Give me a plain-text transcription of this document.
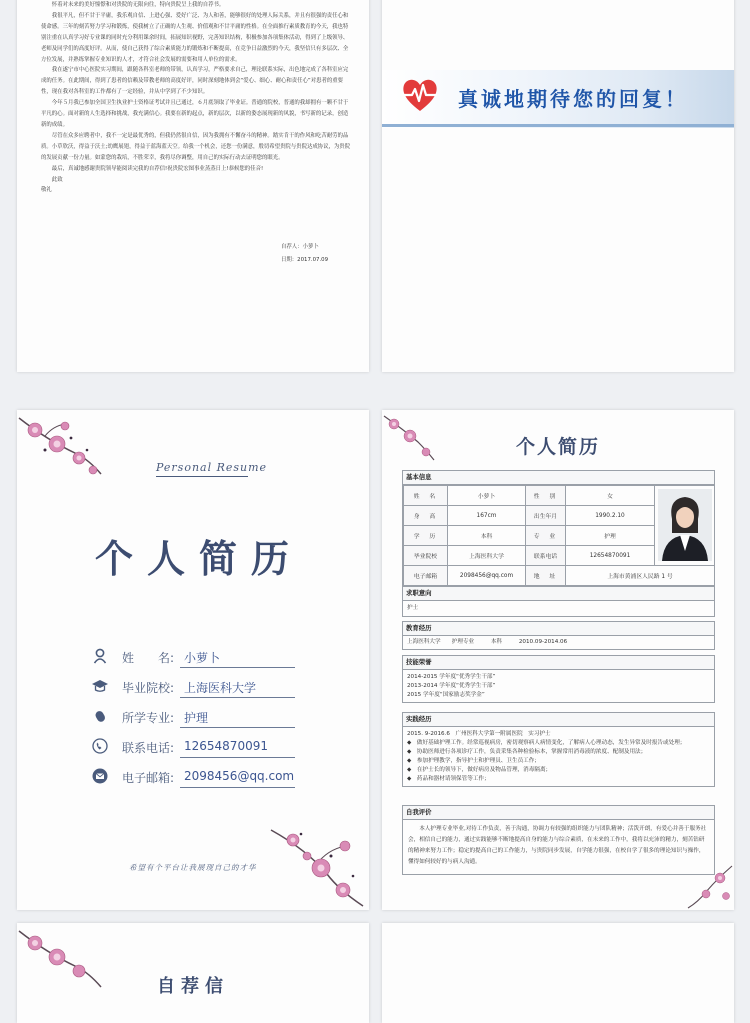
怀着对未来的美好憧憬和对贵院的无限向往，特向贵院呈上我的自荐书。

我很平凡，但不甘于平庸，我乐观自信、上进心强、爱好广泛、为人和善，能够很好的处理人际关系，并且有很强的责任心和使命感。三年的刻苦努力学习和锻炼，使我树立了正确的人生观、价值观和不甘平庸的性格。在全面推行素质教育的今天，我也特别注重在认真学习好专业课的同时充分利用课余时间，拓展知识视野，完善知识结构，积极参加各项集体活动，得到了上级领导、老师及同学们的高度好评。从而，使自己获得了综合素质能力的锻炼和不断提高，在竞争日益激烈的今天，我坚信只有多层次、全方位发展，并熟练掌握专业知识的人才，才符合社会发展的需要和用人单位的需求。

我在遂宁市中心医院实习期间，跟随各科室老师的带领，认真学习，严格要求自己，理论联系实际，出色地完成了各科室应完成的任务。在此期间，得到了患者的信赖及带教老师的高度好评，同时深刻地体到会“爱心、细心、耐心和责任心”对患者的重要性，现在我对各科室的工作都有了一定经验，并从中学到了不少知识。

今年５月我已参加全国卫生执业护士资格证考试并且已通过，６月底领取了毕业证。普通的院校，普通的我却拥有一颗不甘于平凡的心。面对新的人生选择和挑战，我充满信心。我要在新的起点，新的层次，以新的姿态展现新的风貌，书写新的记录，创造新的成绩。

尽管在众多应聘者中，我不一定是最优秀的，但我仍然很自信，因为我拥有不懈奋斗的精神。踏实肯干的作风和吃苦耐劳的品质。小草欣沃，得益于沃土;幼鹰展翅，得益于蓝海蓝天空。给我一个机会，还您一份满意，殷切希望贵院与贵院达成协议，为贵院的发展贡献一份力量。如蒙您的栽培，不胜荣幸，我将尽你调整，用自己的实际行动去证明您的眼光。

最后，真诚地感谢贵院领导能阅读完我的自荐信!祝贵院宏图事业蒸蒸日上!恭候您的佳音!

此致

敬礼

自荐人：小萝卜
日期：2017.07.09
真诚地期待您的回复！
Personal Resume
个人简历
姓　　名: 小萝卜
毕业院校: 上海医科大学
所学专业: 护理
联系电话: 12654870091
电子邮箱: 2098456@qq.com
希望有个平台让我展现自己的才华
个人简历
基本信息
姓　名	小萝卜	性　别	女	
身　高	167cm	出生年月	1990.2.10	
学　历	本科	专　业	护理	
毕业院校	上海医科大学	联系电话	12654870091	
电子邮箱	2098456@qq.com	地　址	上海市黄浦区人民路 1 号	
求职意向
护士
教育经历
上海医科大学　　护理专业　　　本科　　　2010.09-2014.06
技能荣誉
2014-2015 学年度“优秀学生干部”
2013-2014 学年度“优秀学生干部”
2015 学年度“国家励志奖学金”
实践经历
2015. 9-2016.6　广州医科大学第一附属医院　实习护士
◆　做好基础护理工作。经常巡视病房，密切观察病人病情变化，了解病人心理动态，发生异常及时报告或处理；
◆　协助医师进行各项诊疗工作，负责采集各种检验标本，掌握常用消毒液的浓度、配制及用法；
◆　参加护理教学，指导护士和护理员、卫生员工作；
◆　在护士长的领导下，做好病房及物品管理，消毒隔离；
◆　药品和器材请领保管等工作；
自我评价
本人护理专业毕业,对待工作负责，善于沟通，协调力有较强的组织能力与团队精神；活泼开朗，有爱心并善于服务社会，相信自己的能力，通过实践能够不断地提高自身的能力与综合素质，在未来的工作中，我将以充沛的精力，刻苦钻研的精神来努力工作；稳定的提高自己的工作能力，与贵院同步发展，自学能力很强，在校自学了很多的理论知识与操作，懂得如何较好的与病人沟通。
自荐信
